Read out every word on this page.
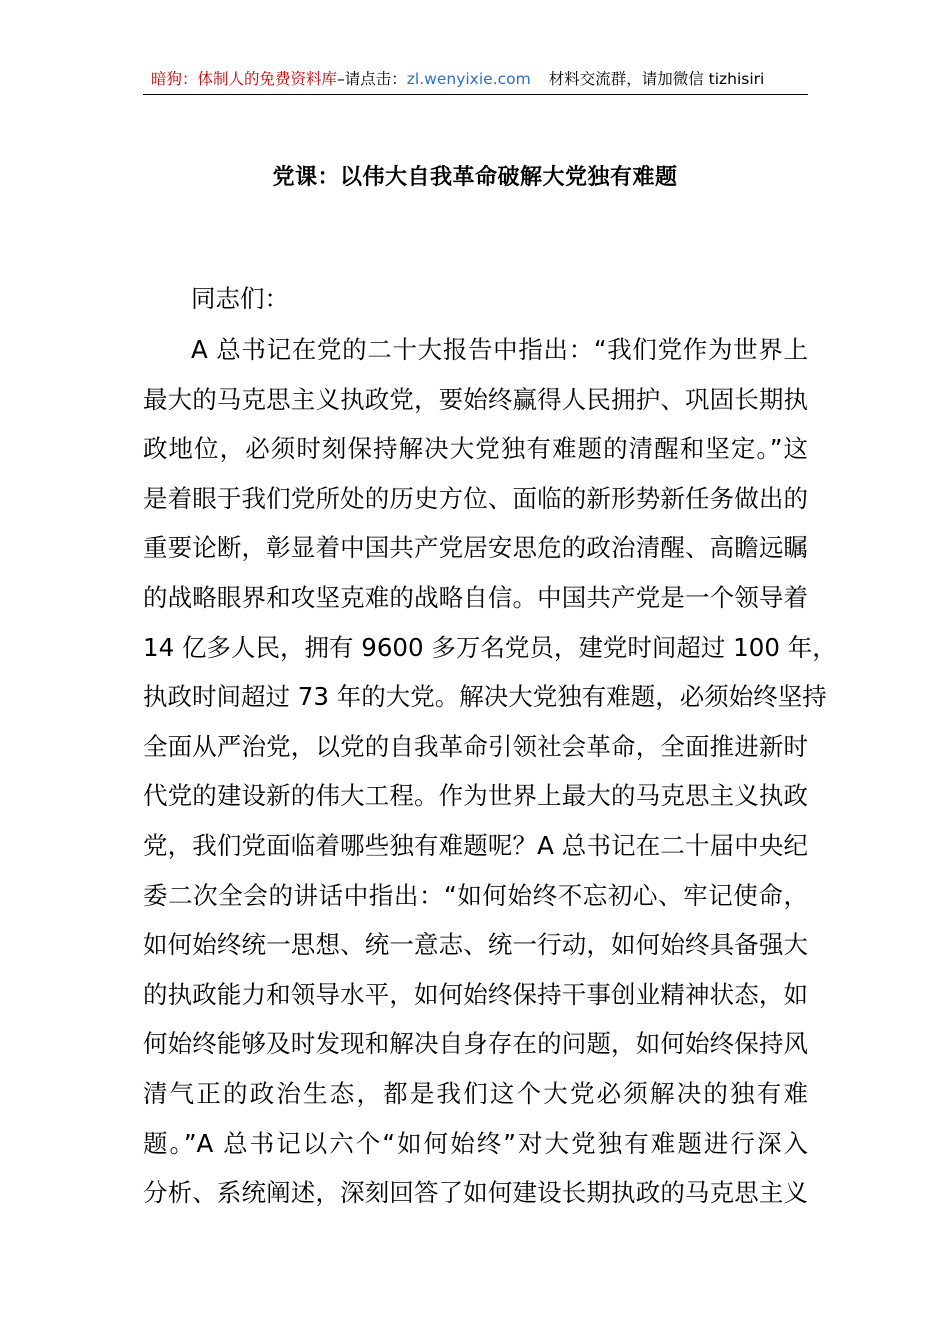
暗狗：体制人的免费资料库–请点击：zl.wenyixie.com 材料交流群，请加微信 tizhisiri
党课：以伟大自我革命破解大党独有难题
同志们：
A 总书记在党的二十大报告中指出：“我们党作为世界上
最大的马克思主义执政党，要始终赢得人民拥护、巩固长期执
政地位，必须时刻保持解决大党独有难题的清醒和坚定。”这
是着眼于我们党所处的历史方位、面临的新形势新任务做出的
重要论断，彰显着中国共产党居安思危的政治清醒、高瞻远瞩
的战略眼界和攻坚克难的战略自信。中国共产党是一个领导着
14 亿多人民，拥有 9600 多万名党员，建党时间超过 100 年，
执政时间超过 73 年的大党。解决大党独有难题，必须始终坚持
全面从严治党，以党的自我革命引领社会革命，全面推进新时
代党的建设新的伟大工程。作为世界上最大的马克思主义执政
党，我们党面临着哪些独有难题呢？A 总书记在二十届中央纪
委二次全会的讲话中指出：“如何始终不忘初心、牢记使命，
如何始终统一思想、统一意志、统一行动，如何始终具备强大
的执政能力和领导水平，如何始终保持干事创业精神状态，如
何始终能够及时发现和解决自身存在的问题，如何始终保持风
清气正的政治生态，都是我们这个大党必须解决的独有难
题。”A 总书记以六个“如何始终”对大党独有难题进行深入
分析、系统阐述，深刻回答了如何建设长期执政的马克思主义
